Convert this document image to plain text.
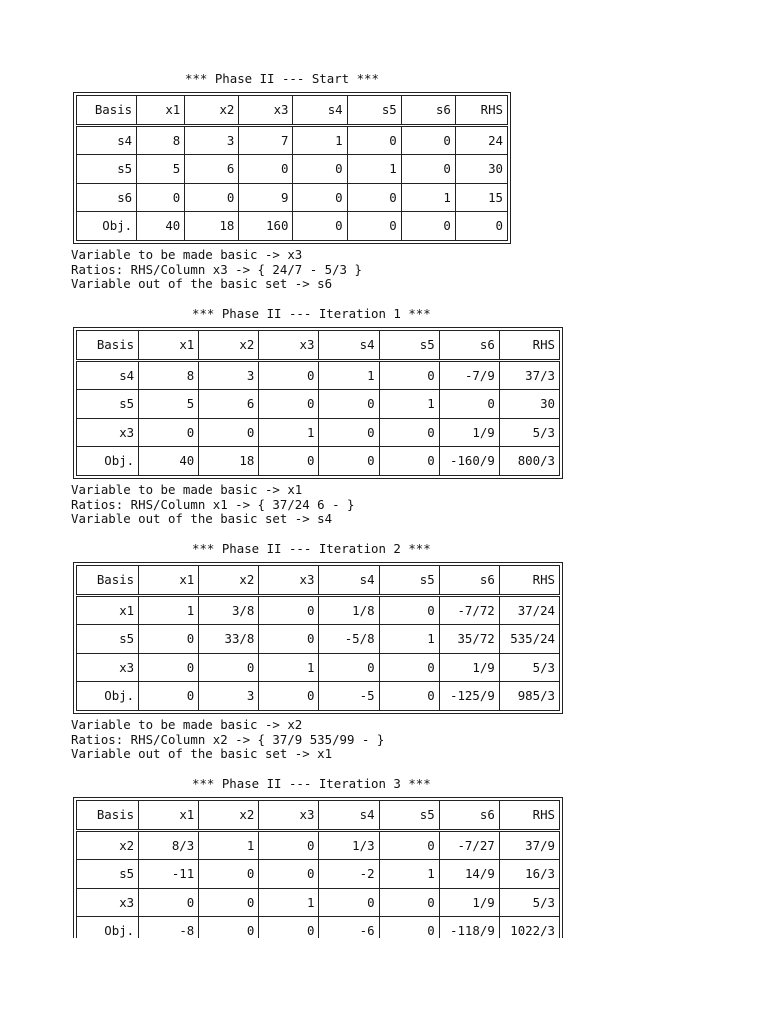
*** Phase II --- Start ***
Basis	x1	x2	x3	s4	s5	s6	RHS
s4	8	3	7	1	0	0	24
s5	5	6	0	0	1	0	30
s6	0	0	9	0	0	1	15
Obj.	40	18	160	0	0	0	0
Variable to be made basic -> x3
Ratios: RHS/Column x3 -> { 24/7 - 5/3 }
Variable out of the basic set -> s6
*** Phase II --- Iteration 1 ***
Basis	x1	x2	x3	s4	s5	s6	RHS
s4	8	3	0	1	0	-7/9	37/3
s5	5	6	0	0	1	0	30
x3	0	0	1	0	0	1/9	5/3
Obj.	40	18	0	0	0	-160/9	800/3
Variable to be made basic -> x1
Ratios: RHS/Column x1 -> { 37/24 6 - }
Variable out of the basic set -> s4
*** Phase II --- Iteration 2 ***
Basis	x1	x2	x3	s4	s5	s6	RHS
x1	1	3/8	0	1/8	0	-7/72	37/24
s5	0	33/8	0	-5/8	1	35/72	535/24
x3	0	0	1	0	0	1/9	5/3
Obj.	0	3	0	-5	0	-125/9	985/3
Variable to be made basic -> x2
Ratios: RHS/Column x2 -> { 37/9 535/99 - }
Variable out of the basic set -> x1
*** Phase II --- Iteration 3 ***
Basis	x1	x2	x3	s4	s5	s6	RHS
x2	8/3	1	0	1/3	0	-7/27	37/9
s5	-11	0	0	-2	1	14/9	16/3
x3	0	0	1	0	0	1/9	5/3
Obj.	-8	0	0	-6	0	-118/9	1022/3
